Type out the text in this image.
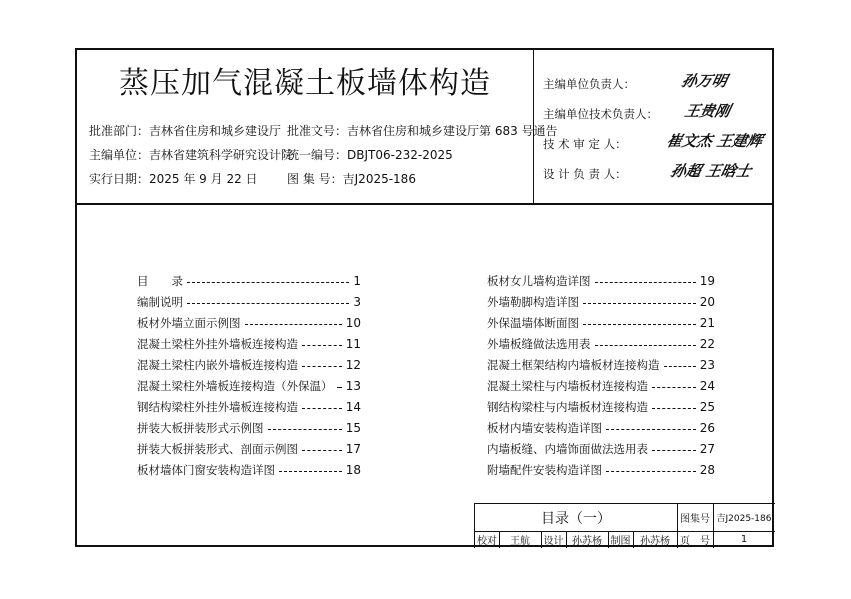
蒸压加气混凝土板墙体构造
批准部门：吉林省住房和城乡建设厅
主编单位：吉林省建筑科学研究设计院
实行日期：2025 年 9 月 22 日
批准文号：吉林省住房和城乡建设厅第 683 号通告
统一编号：DBJT06-232-2025
图 集 号：吉J2025-186
主编单位负责人：	孙万明
主编单位技术负责人： 王贵刚
技 术 审 定 人：	崔文杰 王建辉
设 计 负 责 人：	孙超 王晗士
目　　录	1
编制说明	3
板材外墙立面示例图	10
混凝土梁柱外挂外墙板连接构造	11
混凝土梁柱内嵌外墙板连接构造	12
混凝土梁柱外墙板连接构造（外保温） 13
钢结构梁柱外挂外墙板连接构造	14
拼装大板拼装形式示例图	15
拼装大板拼装形式、剖面示例图	17
板材墙体门窗安装构造详图	18
板材女儿墙构造详图	19
外墙勒脚构造详图	20
外保温墙体断面图	21
外墙板缝做法选用表	22
混凝土框架结构内墙板材连接构造	23
混凝土梁柱与内墙板材连接构造	24
钢结构梁柱与内墙板材连接构造	25
板材内墙安装构造详图	26
内墙板缝、内墙饰面做法选用表	27
附墙配件安装构造详图	28
目录（一）	图集号 吉J2025-186
校对	王航	设计 孙苏杨 制图 孙苏杨	页　号	1
